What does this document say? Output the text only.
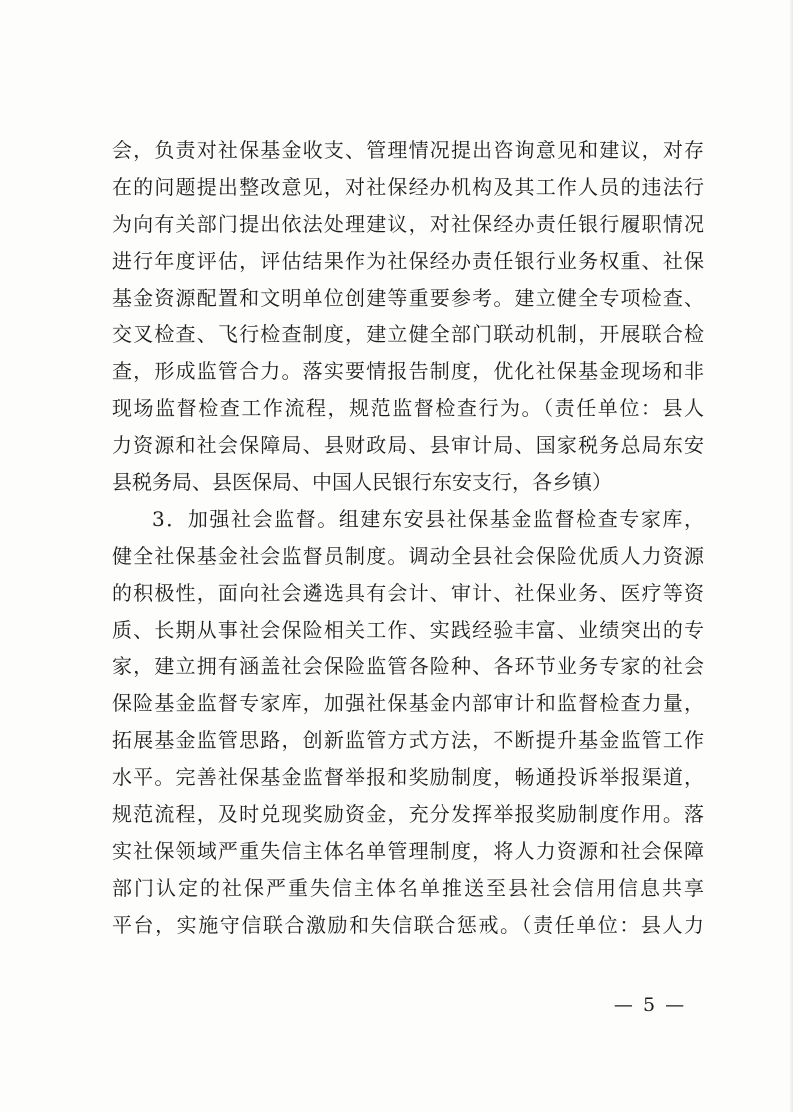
会，负责对社保基金收支、管理情况提出咨询意见和建议，对存
在的问题提出整改意见，对社保经办机构及其工作人员的违法行
为向有关部门提出依法处理建议，对社保经办责任银行履职情况
进行年度评估，评估结果作为社保经办责任银行业务权重、社保
基金资源配置和文明单位创建等重要参考。建立健全专项检查、
交叉检查、飞行检查制度，建立健全部门联动机制，开展联合检
查，形成监管合力。落实要情报告制度，优化社保基金现场和非
现场监督检查工作流程，规范监督检查行为。（责任单位：县人
力资源和社会保障局、县财政局、县审计局、国家税务总局东安
县税务局、县医保局、中国人民银行东安支行，各乡镇）
3．加强社会监督。组建东安县社保基金监督检查专家库，
健全社保基金社会监督员制度。调动全县社会保险优质人力资源
的积极性，面向社会遴选具有会计、审计、社保业务、医疗等资
质、长期从事社会保险相关工作、实践经验丰富、业绩突出的专
家，建立拥有涵盖社会保险监管各险种、各环节业务专家的社会
保险基金监督专家库，加强社保基金内部审计和监督检查力量，
拓展基金监管思路，创新监管方式方法，不断提升基金监管工作
水平。完善社保基金监督举报和奖励制度，畅通投诉举报渠道，
规范流程，及时兑现奖励资金，充分发挥举报奖励制度作用。落
实社保领域严重失信主体名单管理制度，将人力资源和社会保障
部门认定的社保严重失信主体名单推送至县社会信用信息共享
平台，实施守信联合激励和失信联合惩戒。（责任单位：县人力
— 5 —
